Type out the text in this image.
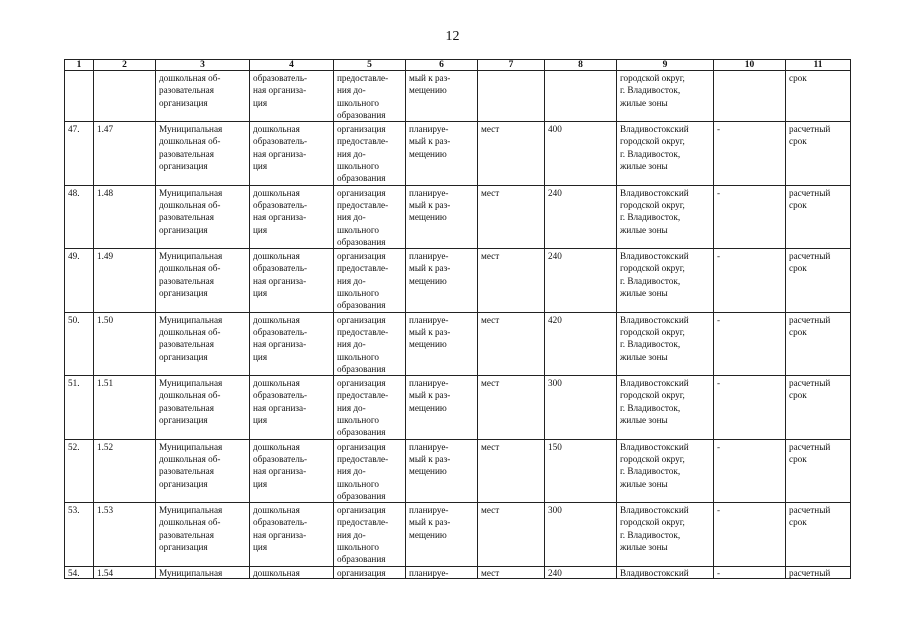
12
1	2	3	4	5	6	7	8	9	10	11
		дошкольная об-
разовательная
организация	образователь-
ная организа-
ция	предоставле-
ния до-
школьного
образования	мый к раз-
мещению			городской округ,
г. Владивосток,
жилые зоны		срок
47.	1.47	Муниципальная
дошкольная об-
разовательная
организация	дошкольная
образователь-
ная организа-
ция	организация
предоставле-
ния до-
школьного
образования	планируе-
мый к раз-
мещению	мест	400	Владивостокский
городской округ,
г. Владивосток,
жилые зоны	-	расчетный
срок
48.	1.48	Муниципальная
дошкольная об-
разовательная
организация	дошкольная
образователь-
ная организа-
ция	организация
предоставле-
ния до-
школьного
образования	планируе-
мый к раз-
мещению	мест	240	Владивостокский
городской округ,
г. Владивосток,
жилые зоны	-	расчетный
срок
49.	1.49	Муниципальная
дошкольная об-
разовательная
организация	дошкольная
образователь-
ная организа-
ция	организация
предоставле-
ния до-
школьного
образования	планируе-
мый к раз-
мещению	мест	240	Владивостокский
городской округ,
г. Владивосток,
жилые зоны	-	расчетный
срок
50.	1.50	Муниципальная
дошкольная об-
разовательная
организация	дошкольная
образователь-
ная организа-
ция	организация
предоставле-
ния до-
школьного
образования	планируе-
мый к раз-
мещению	мест	420	Владивостокский
городской округ,
г. Владивосток,
жилые зоны	-	расчетный
срок
51.	1.51	Муниципальная
дошкольная об-
разовательная
организация	дошкольная
образователь-
ная организа-
ция	организация
предоставле-
ния до-
школьного
образования	планируе-
мый к раз-
мещению	мест	300	Владивостокский
городской округ,
г. Владивосток,
жилые зоны	-	расчетный
срок
52.	1.52	Муниципальная
дошкольная об-
разовательная
организация	дошкольная
образователь-
ная организа-
ция	организация
предоставле-
ния до-
школьного
образования	планируе-
мый к раз-
мещению	мест	150	Владивостокский
городской округ,
г. Владивосток,
жилые зоны	-	расчетный
срок
53.	1.53	Муниципальная
дошкольная об-
разовательная
организация	дошкольная
образователь-
ная организа-
ция	организация
предоставле-
ния до-
школьного
образования	планируе-
мый к раз-
мещению	мест	300	Владивостокский
городской округ,
г. Владивосток,
жилые зоны	-	расчетный
срок
54.	1.54	Муниципальная	дошкольная	организация	планируе-	мест	240	Владивостокский	-	расчетный
